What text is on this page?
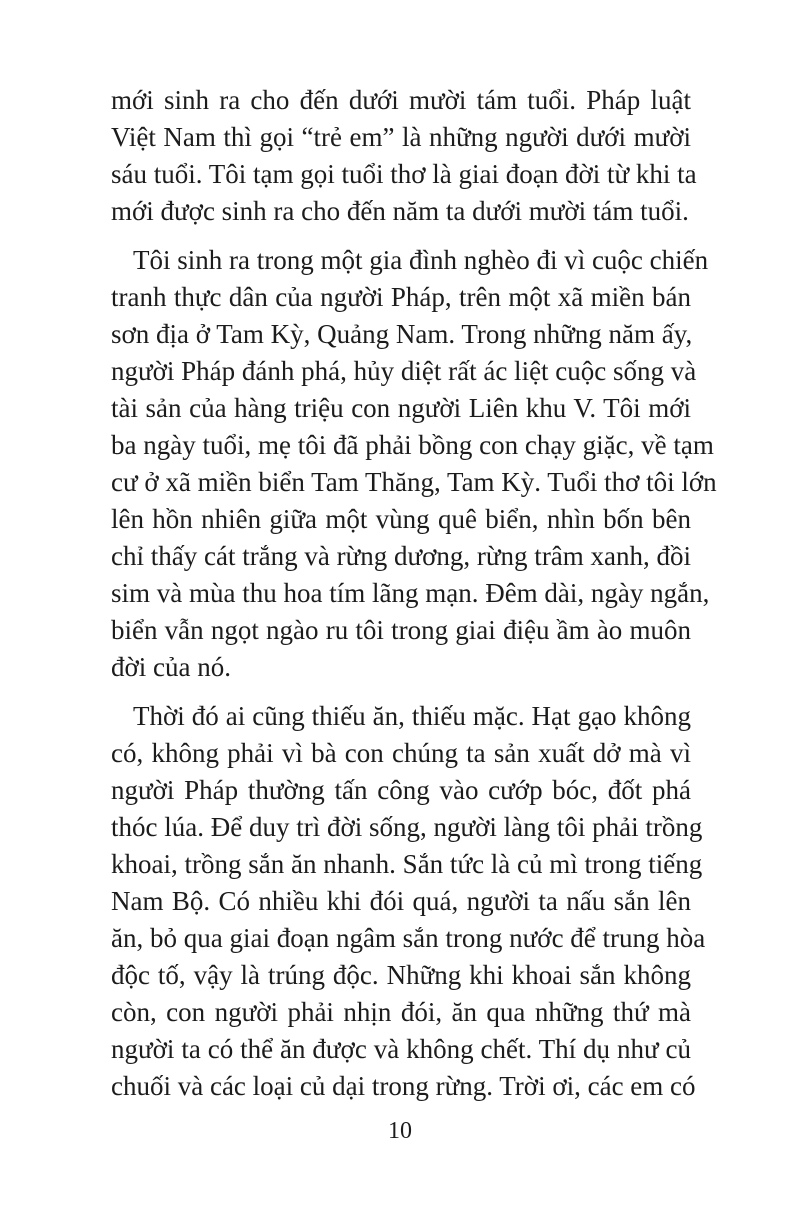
mới sinh ra cho đến dưới mười tám tuổi. Pháp luật
Việt Nam thì gọi “trẻ em” là những người dưới mười
sáu tuổi. Tôi tạm gọi tuổi thơ là giai đoạn đời từ khi ta
mới được sinh ra cho đến năm ta dưới mười tám tuổi.

Tôi sinh ra trong một gia đình nghèo đi vì cuộc chiến
tranh thực dân của người Pháp, trên một xã miền bán
sơn địa ở Tam Kỳ, Quảng Nam. Trong những năm ấy,
người Pháp đánh phá, hủy diệt rất ác liệt cuộc sống và
tài sản của hàng triệu con người Liên khu V. Tôi mới
ba ngày tuổi, mẹ tôi đã phải bồng con chạy giặc, về tạm
cư ở xã miền biển Tam Thăng, Tam Kỳ. Tuổi thơ tôi lớn
lên hồn nhiên giữa một vùng quê biển, nhìn bốn bên
chỉ thấy cát trắng và rừng dương, rừng trâm xanh, đồi
sim và mùa thu hoa tím lãng mạn. Đêm dài, ngày ngắn,
biển vẫn ngọt ngào ru tôi trong giai điệu ầm ào muôn
đời của nó.

Thời đó ai cũng thiếu ăn, thiếu mặc. Hạt gạo không
có, không phải vì bà con chúng ta sản xuất dở mà vì
người Pháp thường tấn công vào cướp bóc, đốt phá
thóc lúa. Để duy trì đời sống, người làng tôi phải trồng
khoai, trồng sắn ăn nhanh. Sắn tức là củ mì trong tiếng
Nam Bộ. Có nhiều khi đói quá, người ta nấu sắn lên
ăn, bỏ qua giai đoạn ngâm sắn trong nước để trung hòa
độc tố, vậy là trúng độc. Những khi khoai sắn không
còn, con người phải nhịn đói, ăn qua những thứ mà
người ta có thể ăn được và không chết. Thí dụ như củ
chuối và các loại củ dại trong rừng. Trời ơi, các em có

10
